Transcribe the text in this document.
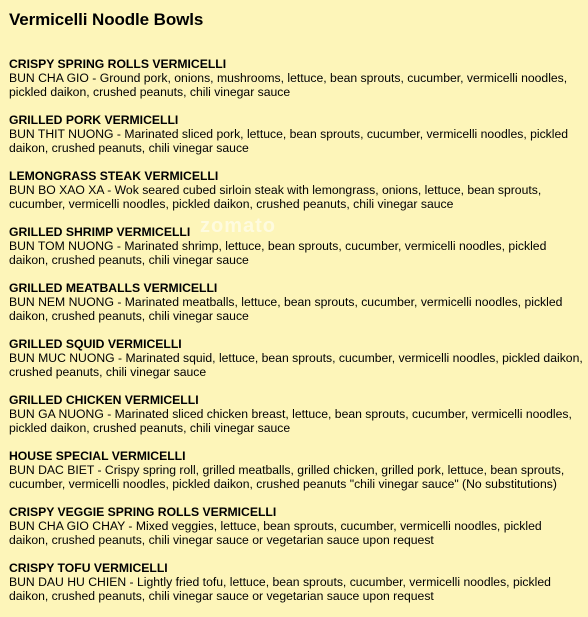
Vermicelli Noodle Bowls
CRISPY SPRING ROLLS VERMICELLI
BUN CHA GIO - Ground pork, onions, mushrooms, lettuce, bean sprouts, cucumber, vermicelli noodles, pickled daikon, crushed peanuts, chili vinegar sauce
GRILLED PORK VERMICELLI
BUN THIT NUONG - Marinated sliced pork, lettuce, bean sprouts, cucumber, vermicelli noodles, pickled daikon, crushed peanuts, chili vinegar sauce
LEMONGRASS STEAK VERMICELLI
BUN BO XAO XA - Wok seared cubed sirloin steak with lemongrass, onions, lettuce, bean sprouts, cucumber, vermicelli noodles, pickled daikon, crushed peanuts, chili vinegar sauce
GRILLED SHRIMP VERMICELLI
BUN TOM NUONG - Marinated shrimp, lettuce, bean sprouts, cucumber, vermicelli noodles, pickled daikon, crushed peanuts, chili vinegar sauce
GRILLED MEATBALLS VERMICELLI
BUN NEM NUONG - Marinated meatballs, lettuce, bean sprouts, cucumber, vermicelli noodles, pickled daikon, crushed peanuts, chili vinegar sauce
GRILLED SQUID VERMICELLI
BUN MUC NUONG - Marinated squid, lettuce, bean sprouts, cucumber, vermicelli noodles, pickled daikon, crushed peanuts, chili vinegar sauce
GRILLED CHICKEN VERMICELLI
BUN GA NUONG - Marinated sliced chicken breast, lettuce, bean sprouts, cucumber, vermicelli noodles, pickled daikon, crushed peanuts, chili vinegar sauce
HOUSE SPECIAL VERMICELLI
BUN DAC BIET - Crispy spring roll, grilled meatballs, grilled chicken, grilled pork, lettuce, bean sprouts, cucumber, vermicelli noodles, pickled daikon, crushed peanuts "chili vinegar sauce" (No substitutions)
CRISPY VEGGIE SPRING ROLLS VERMICELLI
BUN CHA GIO CHAY - Mixed veggies, lettuce, bean sprouts, cucumber, vermicelli noodles, pickled daikon, crushed peanuts, chili vinegar sauce or vegetarian sauce upon request
CRISPY TOFU VERMICELLI
BUN DAU HU CHIEN - Lightly fried tofu, lettuce, bean sprouts, cucumber, vermicelli noodles, pickled daikon, crushed peanuts, chili vinegar sauce or vegetarian sauce upon request
zomato
